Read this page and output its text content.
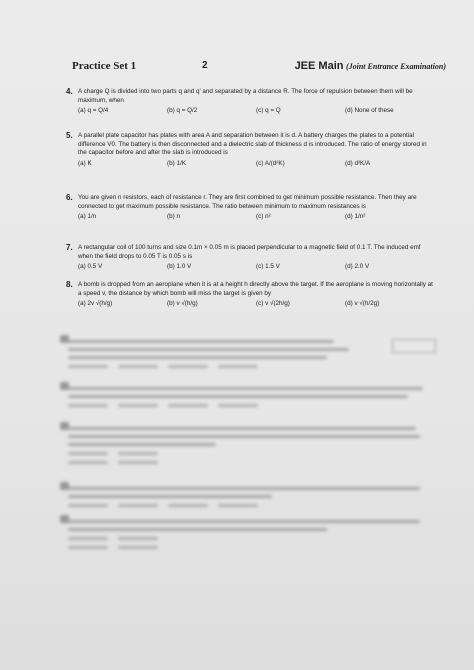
Practice Set 1	2	JEE Main (Joint Entrance Examination)
4. A charge Q is divided into two parts q and q' and separated by a distance R. The force of repulsion between them will be maximum, when

(a) q = Q/4	(b) q = Q/2	(c) q = Q	(d) None of these
5. A parallel plate capacitor has plates with area A and separation between it is d. A battery charges the plates to a potential difference V0. The battery is then disconnected and a dielectric slab of thickness d is introduced. The ratio of energy stored in the capacitor before and after the slab is introduced is

(a) K	(b) 1/K	(c) A/(d²K)	(d) d²K/A
6. You are given n resistors, each of resistance r. They are first combined to get minimum possible resistance. Then they are connected to get maximum possible resistance. The ratio between minimum to maximum resistances is

(a) 1/n	(b) n	(c) n²	(d) 1/n²
7. A rectangular coil of 100 turns and size 0.1m × 0.05 m is placed perpendicular to a magnetic field of 0.1 T. The induced emf when the field drops to 0.05 T is 0.05 s is

(a) 0.5 V	(b) 1.0 V	(c) 1.5 V	(d) 2.0 V
8. A bomb is dropped from an aeroplane when it is at a height h directly above the target. If the aeroplane is moving horizontally at a speed v, the distance by which bomb will miss the target is given by

(a) 2v √(h/g)	(b) v √(h/g)	(c) v √(2h/g)	(d) v √(h/2g)
